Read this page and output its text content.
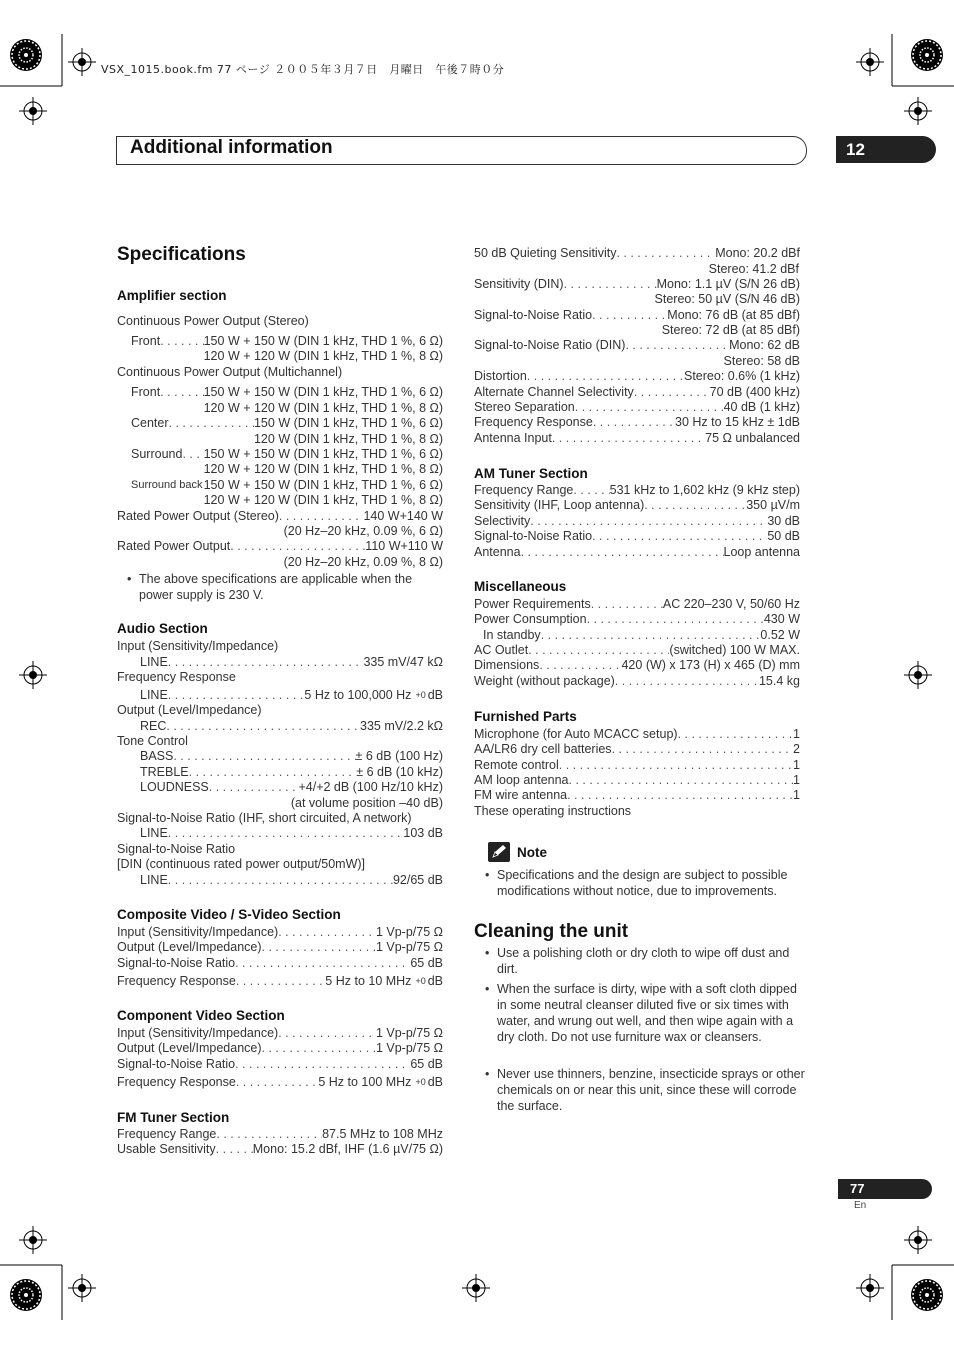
VSX_1015.book.fm 77 ページ ２００５年３月７日　月曜日　午後７時０分
Additional information	12
Specifications
Amplifier section
Continuous Power Output (Stereo)
Front . . .	150 W + 150 W (DIN 1 kHz, THD 1 %, 6 Ω)
120 W + 120 W (DIN 1 kHz, THD 1 %, 8 Ω)
Continuous Power Output (Multichannel)
Front . . .	150 W + 150 W (DIN 1 kHz, THD 1 %, 6 Ω)
120 W + 120 W (DIN 1 kHz, THD 1 %, 8 Ω)
Center . . .	150 W (DIN 1 kHz, THD 1 %, 6 Ω)
120 W (DIN 1 kHz, THD 1 %, 8 Ω)
Surround . . . 150 W + 150 W (DIN 1 kHz, THD 1 %, 6 Ω)
120 W + 120 W (DIN 1 kHz, THD 1 %, 8 Ω)
Surround back 150 W + 150 W (DIN 1 kHz, THD 1 %, 6 Ω)
120 W + 120 W (DIN 1 kHz, THD 1 %, 8 Ω)
Rated Power Output (Stereo) . . .	140 W+140 W
(20 Hz–20 kHz, 0.09 %, 6 Ω)
Rated Power Output . . .	110 W+110 W
(20 Hz–20 kHz, 0.09 %, 8 Ω)
• The above specifications are applicable when the power supply is 230 V.
Audio Section
Input (Sensitivity/Impedance)
LINE . . .	335 mV/47 kΩ
Frequency Response
LINE . . .	5 Hz to 100,000 Hz +0 dB
Output (Level/Impedance)
REC . . .	335 mV/2.2 kΩ
Tone Control
BASS . . .	± 6 dB (100 Hz)
TREBLE . . .	± 6 dB (10 kHz)
LOUDNESS . . .	+4/+2 dB (100 Hz/10 kHz)
(at volume position –40 dB)
Signal-to-Noise Ratio (IHF, short circuited, A network)
LINE . . .	103 dB
Signal-to-Noise Ratio
[DIN (continuous rated power output/50mW)]
LINE . . .	92/65 dB
Composite Video / S-Video Section
Input (Sensitivity/Impedance) . . .	1 Vp-p/75 Ω
Output (Level/Impedance) . . .	1 Vp-p/75 Ω
Signal-to-Noise Ratio . . .	65 dB
Frequency Response . . .	5 Hz to 10 MHz +0 dB
Component Video Section
Input (Sensitivity/Impedance) . . .	1 Vp-p/75 Ω
Output (Level/Impedance) . . .	1 Vp-p/75 Ω
Signal-to-Noise Ratio . . .	65 dB
Frequency Response . . .	5 Hz to 100 MHz +0 dB
FM Tuner Section
Frequency Range . . .	87.5 MHz to 108 MHz
Usable Sensitivity . . .	Mono: 15.2 dBf, IHF (1.6 µV/75 Ω)
50 dB Quieting Sensitivity . . .	Mono: 20.2 dBf
Stereo: 41.2 dBf
Sensitivity (DIN) . . .	Mono: 1.1 µV (S/N 26 dB)
Stereo: 50 µV (S/N 46 dB)
Signal-to-Noise Ratio . . .	Mono: 76 dB (at 85 dBf)
Stereo: 72 dB (at 85 dBf)
Signal-to-Noise Ratio (DIN) . . .	Mono: 62 dB
Stereo: 58 dB
Distortion . . .	Stereo: 0.6% (1 kHz)
Alternate Channel Selectivity . . .	70 dB (400 kHz)
Stereo Separation . . .	40 dB (1 kHz)
Frequency Response . . .	30 Hz to 15 kHz ± 1dB
Antenna Input . . .	75 Ω unbalanced
AM Tuner Section
Frequency Range . . .	531 kHz to 1,602 kHz (9 kHz step)
Sensitivity (IHF, Loop antenna) . . .	350 µV/m
Selectivity . . .	30 dB
Signal-to-Noise Ratio . . .	50 dB
Antenna . . .	Loop antenna
Miscellaneous
Power Requirements . . .	AC 220–230 V, 50/60 Hz
Power Consumption . . .	430 W
In standby . . .	0.52 W
AC Outlet . . .	(switched) 100 W MAX.
Dimensions . . .	420 (W) x 173 (H) x 465 (D) mm
Weight (without package) . . .	15.4 kg
Furnished Parts
Microphone (for Auto MCACC setup) . . .	1
AA/LR6 dry cell batteries . . .	2
Remote control . . .	1
AM loop antenna . . .	1
FM wire antenna . . .	1
These operating instructions
Note
• Specifications and the design are subject to possible modifications without notice, due to improvements.
Cleaning the unit
• Use a polishing cloth or dry cloth to wipe off dust and dirt.
• When the surface is dirty, wipe with a soft cloth dipped in some neutral cleanser diluted five or six times with water, and wrung out well, and then wipe again with a dry cloth. Do not use furniture wax or cleansers.
• Never use thinners, benzine, insecticide sprays or other chemicals on or near this unit, since these will corrode the surface.
77
En
